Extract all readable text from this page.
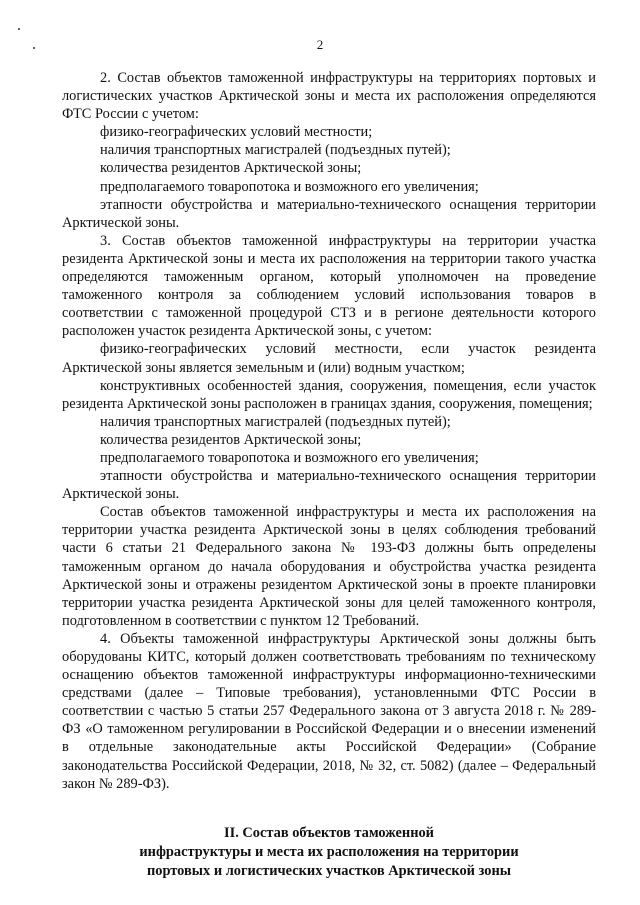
2

2. Состав объектов таможенной инфраструктуры на территориях портовых и логистических участков Арктической зоны и места их расположения определяются ФТС России с учетом:

физико-географических условий местности;

наличия транспортных магистралей (подъездных путей);

количества резидентов Арктической зоны;

предполагаемого товаропотока и возможного его увеличения;

этапности обустройства и материально-технического оснащения территории Арктической зоны.

3. Состав объектов таможенной инфраструктуры на территории участка резидента Арктической зоны и места их расположения на территории такого участка определяются таможенным органом, который уполномочен на проведение таможенного контроля за соблюдением условий использования товаров в соответствии с таможенной процедурой СТЗ и в регионе деятельности которого расположен участок резидента Арктической зоны, с учетом:

физико-географических условий местности, если участок резидента Арктической зоны является земельным и (или) водным участком;

конструктивных особенностей здания, сооружения, помещения, если участок резидента Арктической зоны расположен в границах здания, сооружения, помещения;

наличия транспортных магистралей (подъездных путей);

количества резидентов Арктической зоны;

предполагаемого товаропотока и возможного его увеличения;

этапности обустройства и материально-технического оснащения территории Арктической зоны.

Состав объектов таможенной инфраструктуры и места их расположения на территории участка резидента Арктической зоны в целях соблюдения требований части 6 статьи 21 Федерального закона № 193-ФЗ должны быть определены таможенным органом до начала оборудования и обустройства участка резидента Арктической зоны и отражены резидентом Арктической зоны в проекте планировки территории участка резидента Арктической зоны для целей таможенного контроля, подготовленном в соответствии с пунктом 12 Требований.

4. Объекты таможенной инфраструктуры Арктической зоны должны быть оборудованы КИТС, который должен соответствовать требованиям по техническому оснащению объектов таможенной инфраструктуры информационно-техническими средствами (далее – Типовые требования), установленными ФТС России в соответствии с частью 5 статьи 257 Федерального закона от 3 августа 2018 г. № 289-ФЗ «О таможенном регулировании в Российской Федерации и о внесении изменений в отдельные законодательные акты Российской Федерации» (Собрание законодательства Российской Федерации, 2018, № 32, ст. 5082) (далее – Федеральный закон № 289-ФЗ).

II. Состав объектов таможенной
инфраструктуры и места их расположения на территории
портовых и логистических участков Арктической зоны
